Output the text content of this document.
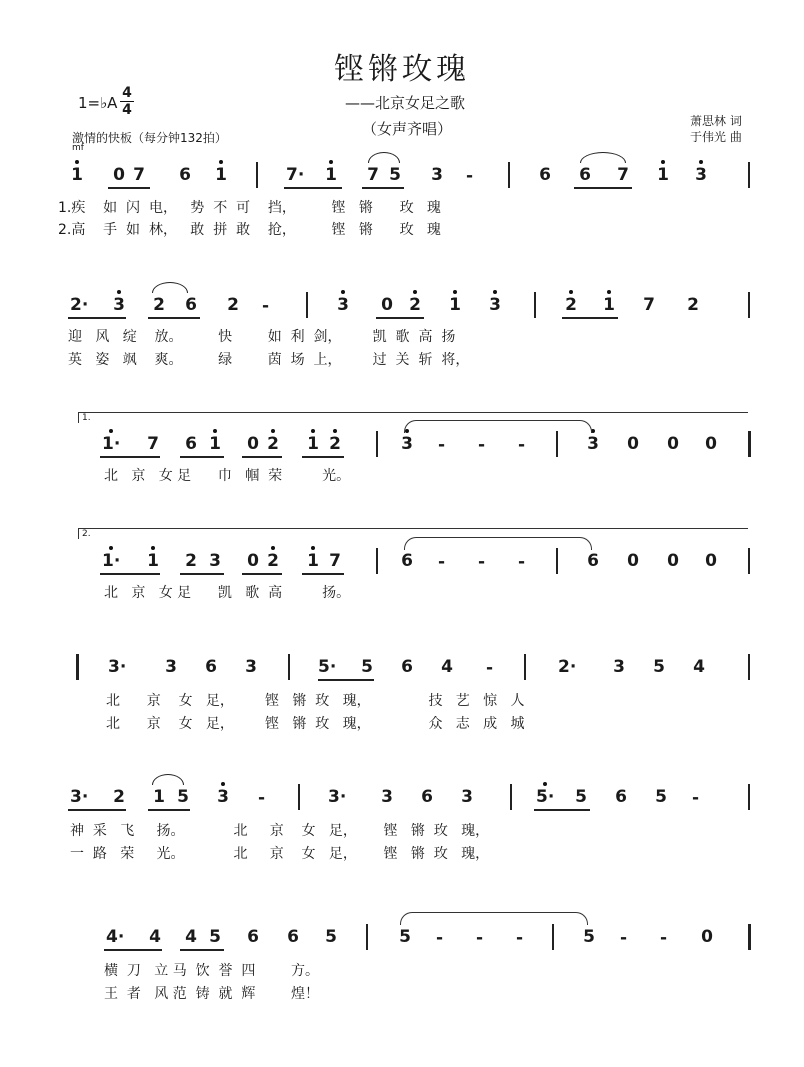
铿锵玫瑰
——北京女足之歌
（女声齐唱）
1=♭A
4
4
激情的快板（每分钟132拍）
mf
萧思林 词
于伟光 曲
1 0 7 6 1	7· 1 7 5 3 -	6 6 7 1 3
2· 3 2 6 2 -	3 0 2 1 3	2 1 7 2
1· 7 6 1 0 2 1 2	3 - - -	3 0 0 0
1· 1 2 3 0 2 1 7	6 - - -	6 0 0 0
3· 3 6 3	5· 5 6 4 -	2· 3 5 4
3· 2 1 5 3 -	3· 3 6 3	5· 5 6 5 -
4· 4 4 5 6 6 5	5 - - -	5 - - 0
1.疾    如  闪  电，   势  不  可    挡，        铿   锵      玫   瑰
2.高    手  如  林，   敢  拼  敢    抢，        铿   锵      玫   瑰
迎   风   绽    放。        快        如  利  剑，       凯  歌  高  扬
英   姿   飒    爽。        绿        茵  场  上，       过  关  斩  将，
北   京   女 足      巾   帼  荣         光。
北   京   女 足      凯   歌  高         扬。
北      京    女   足，       铿   锵  玫   瑰，             技   艺   惊   人
北      京    女   足，       铿   锵  玫   瑰，             众   志   成   城
神  采   飞     扬。           北     京    女   足，      铿   锵  玫   瑰，
一  路   荣     光。           北     京    女   足，      铿   锵  玫   瑰，
横  刀   立 马  饮  誉  四        方。
王  者   风 范  铸  就  辉        煌！
1.
2.
